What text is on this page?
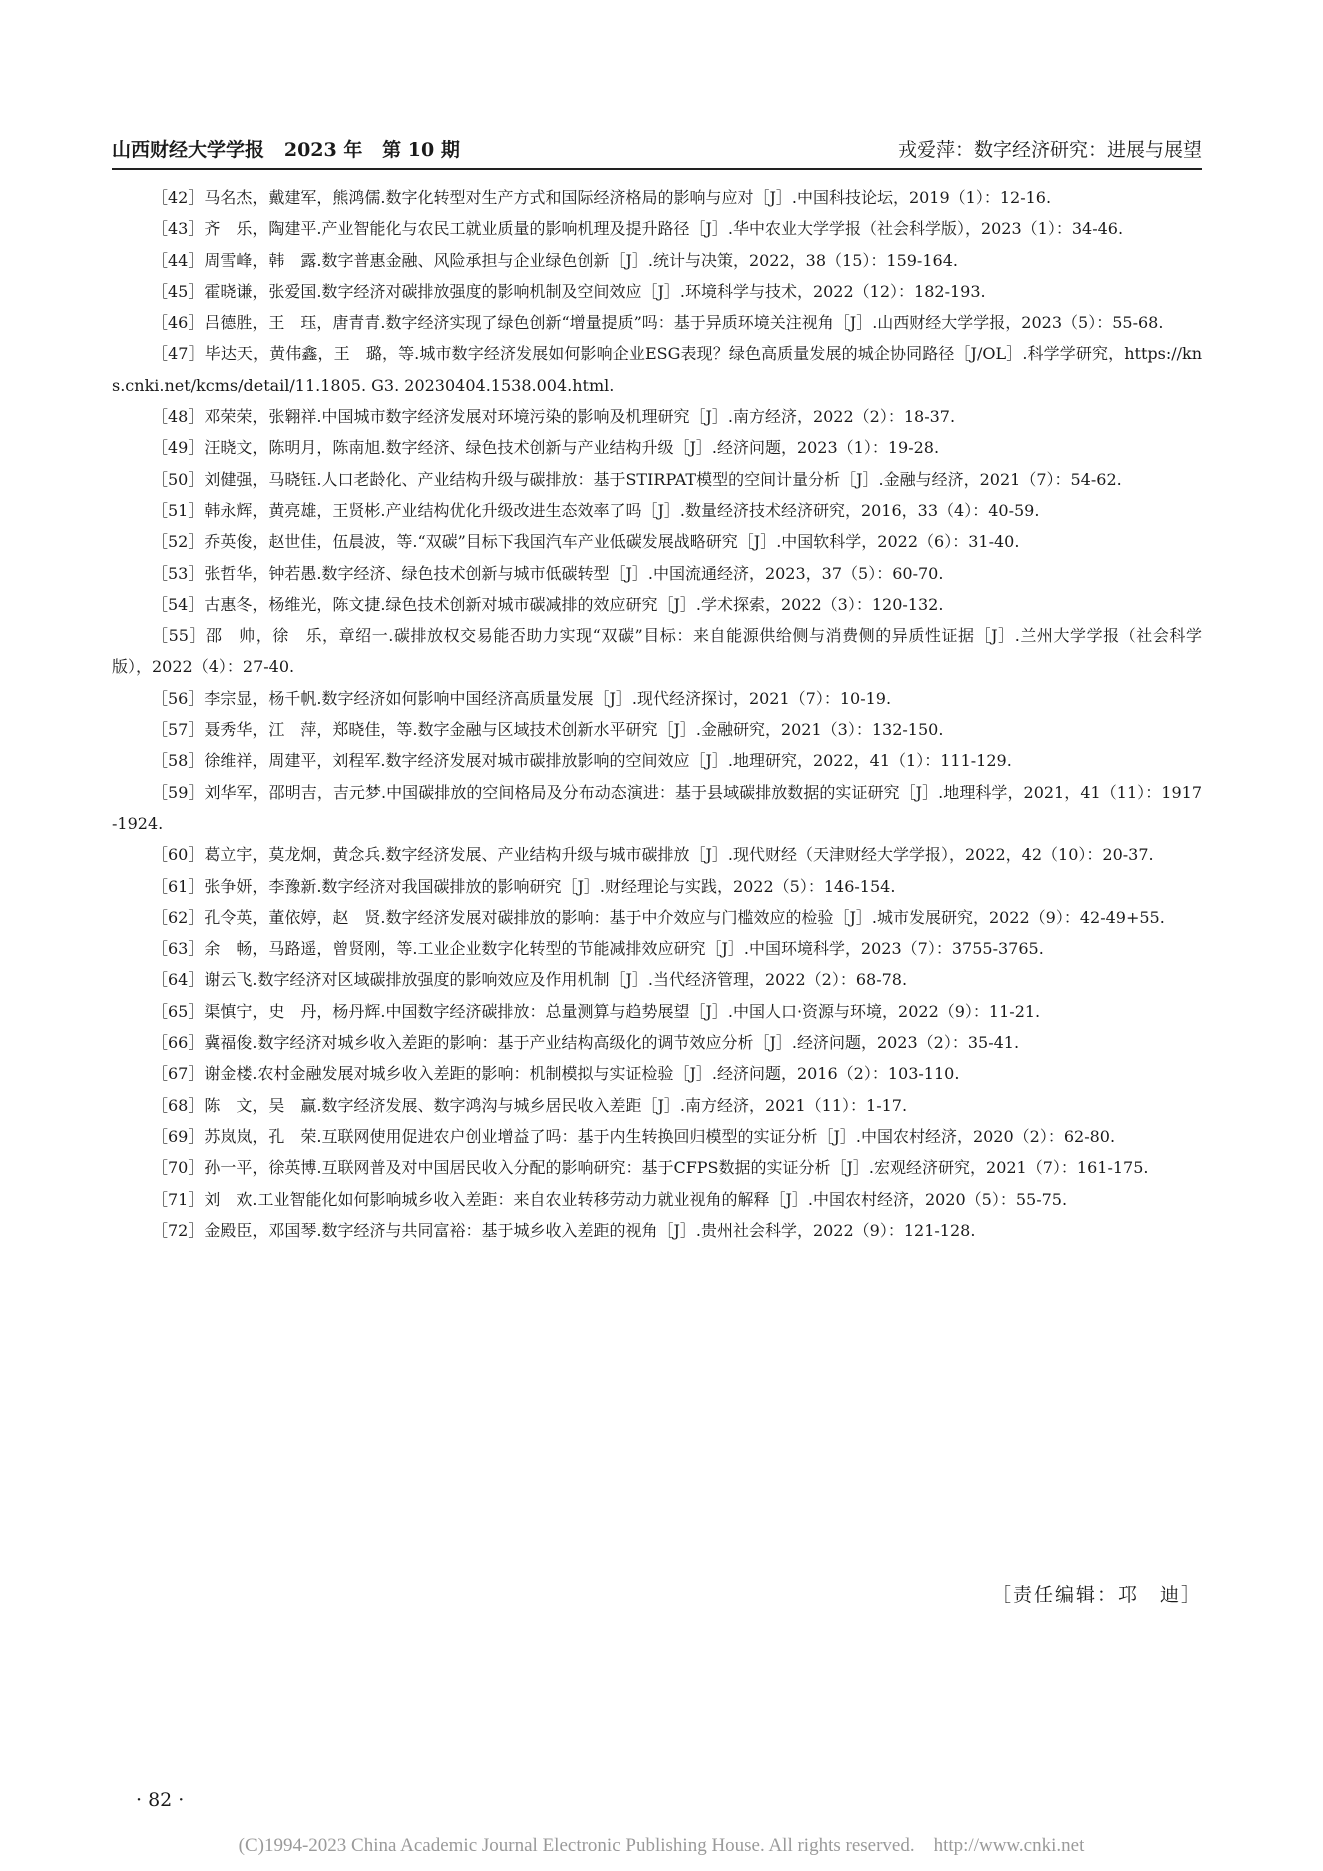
山西财经大学学报   2023 年   第 10 期	戎爱萍：数字经济研究：进展与展望
［42］马名杰，戴建军，熊鸿儒.数字化转型对生产方式和国际经济格局的影响与应对［J］.中国科技论坛，2019（1）：12-16.
［43］齐　乐，陶建平.产业智能化与农民工就业质量的影响机理及提升路径［J］.华中农业大学学报（社会科学版），2023（1）：34-46.
［44］周雪峰，韩　露.数字普惠金融、风险承担与企业绿色创新［J］.统计与决策，2022，38（15）：159-164.
［45］霍晓谦，张爱国.数字经济对碳排放强度的影响机制及空间效应［J］.环境科学与技术，2022（12）：182-193.
［46］吕德胜，王　珏，唐青青.数字经济实现了绿色创新“增量提质”吗：基于异质环境关注视角［J］.山西财经大学学报，2023（5）：55-68.
［47］毕达天，黄伟鑫，王　璐，等.城市数字经济发展如何影响企业ESG表现？绿色高质量发展的城企协同路径［J/OL］.科学学研究，https://kns.cnki.net/kcms/detail/11.1805. G3. 20230404.1538.004.html.
［48］邓荣荣，张翱祥.中国城市数字经济发展对环境污染的影响及机理研究［J］.南方经济，2022（2）：18-37.
［49］汪晓文，陈明月，陈南旭.数字经济、绿色技术创新与产业结构升级［J］.经济问题，2023（1）：19-28.
［50］刘健强，马晓钰.人口老龄化、产业结构升级与碳排放：基于STIRPAT模型的空间计量分析［J］.金融与经济，2021（7）：54-62.
［51］韩永辉，黄亮雄，王贤彬.产业结构优化升级改进生态效率了吗［J］.数量经济技术经济研究，2016，33（4）：40-59.
［52］乔英俊，赵世佳，伍晨波，等.“双碳”目标下我国汽车产业低碳发展战略研究［J］.中国软科学，2022（6）：31-40.
［53］张哲华，钟若愚.数字经济、绿色技术创新与城市低碳转型［J］.中国流通经济，2023，37（5）：60-70.
［54］古惠冬，杨维光，陈文捷.绿色技术创新对城市碳减排的效应研究［J］.学术探索，2022（3）：120-132.
［55］邵　帅，徐　乐，章绍一.碳排放权交易能否助力实现“双碳”目标：来自能源供给侧与消费侧的异质性证据［J］.兰州大学学报（社会科学版），2022（4）：27-40.
［56］李宗显，杨千帆.数字经济如何影响中国经济高质量发展［J］.现代经济探讨，2021（7）：10-19.
［57］聂秀华，江　萍，郑晓佳，等.数字金融与区域技术创新水平研究［J］.金融研究，2021（3）：132-150.
［58］徐维祥，周建平，刘程军.数字经济发展对城市碳排放影响的空间效应［J］.地理研究，2022，41（1）：111-129.
［59］刘华军，邵明吉，吉元梦.中国碳排放的空间格局及分布动态演进：基于县域碳排放数据的实证研究［J］.地理科学，2021，41（11）：1917-1924.
［60］葛立宇，莫龙炯，黄念兵.数字经济发展、产业结构升级与城市碳排放［J］.现代财经（天津财经大学学报），2022，42（10）：20-37.
［61］张争妍，李豫新.数字经济对我国碳排放的影响研究［J］.财经理论与实践，2022（5）：146-154.
［62］孔令英，董依婷，赵　贤.数字经济发展对碳排放的影响：基于中介效应与门槛效应的检验［J］.城市发展研究，2022（9）：42-49+55.
［63］余　畅，马路遥，曾贤刚，等.工业企业数字化转型的节能减排效应研究［J］.中国环境科学，2023（7）：3755-3765.
［64］谢云飞.数字经济对区域碳排放强度的影响效应及作用机制［J］.当代经济管理，2022（2）：68-78.
［65］渠慎宁，史　丹，杨丹辉.中国数字经济碳排放：总量测算与趋势展望［J］.中国人口·资源与环境，2022（9）：11-21.
［66］冀福俊.数字经济对城乡收入差距的影响：基于产业结构高级化的调节效应分析［J］.经济问题，2023（2）：35-41.
［67］谢金楼.农村金融发展对城乡收入差距的影响：机制模拟与实证检验［J］.经济问题，2016（2）：103-110.
［68］陈　文，吴　赢.数字经济发展、数字鸿沟与城乡居民收入差距［J］.南方经济，2021（11）：1-17.
［69］苏岚岚，孔　荣.互联网使用促进农户创业增益了吗：基于内生转换回归模型的实证分析［J］.中国农村经济，2020（2）：62-80.
［70］孙一平，徐英博.互联网普及对中国居民收入分配的影响研究：基于CFPS数据的实证分析［J］.宏观经济研究，2021（7）：161-175.
［71］刘　欢.工业智能化如何影响城乡收入差距：来自农业转移劳动力就业视角的解释［J］.中国农村经济，2020（5）：55-75.
［72］金殿臣，邓国琴.数字经济与共同富裕：基于城乡收入差距的视角［J］.贵州社会科学，2022（9）：121-128.
［责任编辑：邛　迪］
· 82 ·
(C)1994-2023 China Academic Journal Electronic Publishing House. All rights reserved.    http://www.cnki.net
